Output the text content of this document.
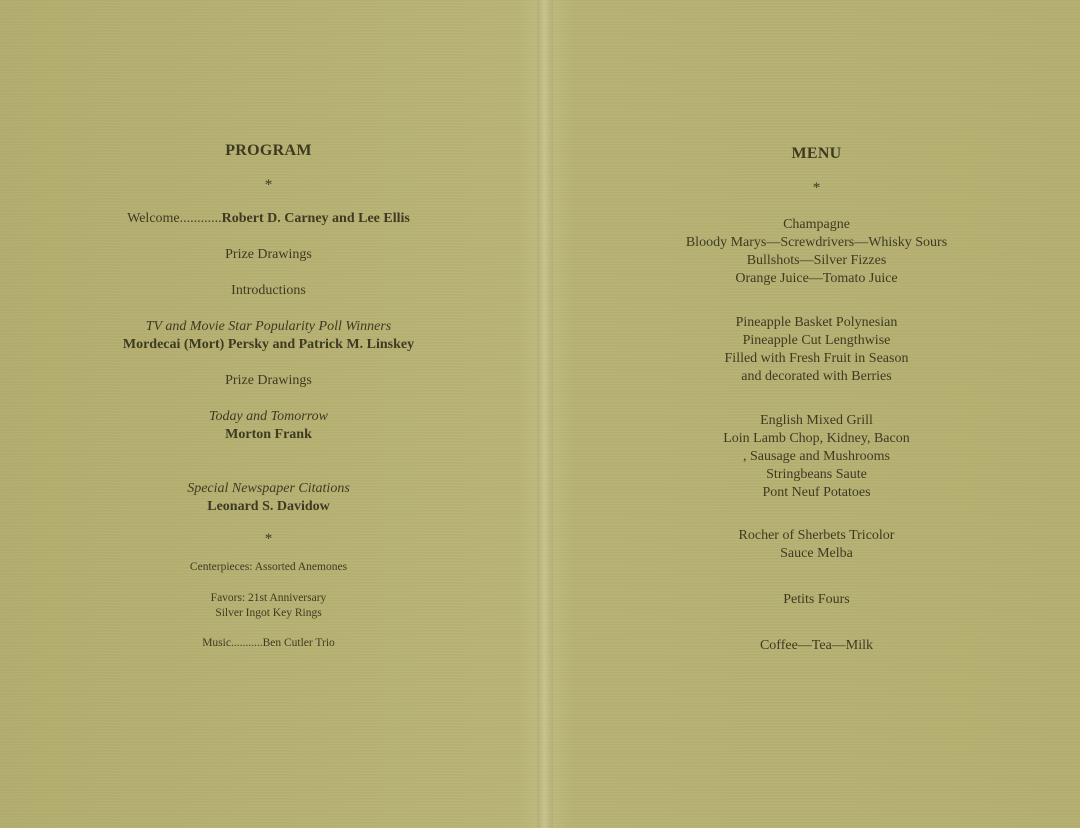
PROGRAM
*
Welcome............Robert D. Carney and Lee Ellis
Prize Drawings
Introductions
TV and Movie Star Popularity Poll Winners
Mordecai (Mort) Persky and Patrick M. Linskey
Prize Drawings
Today and Tomorrow
Morton Frank
Special Newspaper Citations
Leonard S. Davidow
*
Centerpieces: Assorted Anemones
Favors: 21st Anniversary
Silver Ingot Key Rings
Music...........Ben Cutler Trio
MENU
*
Champagne
Bloody Marys—Screwdrivers—Whisky Sours
Bullshots—Silver Fizzes
Orange Juice—Tomato Juice
Pineapple Basket Polynesian
Pineapple Cut Lengthwise
Filled with Fresh Fruit in Season
and decorated with Berries
English Mixed Grill
Loin Lamb Chop, Kidney, Bacon
, Sausage and Mushrooms
Stringbeans Saute
Pont Neuf Potatoes
Rocher of Sherbets Tricolor
Sauce Melba
Petits Fours
Coffee—Tea—Milk
